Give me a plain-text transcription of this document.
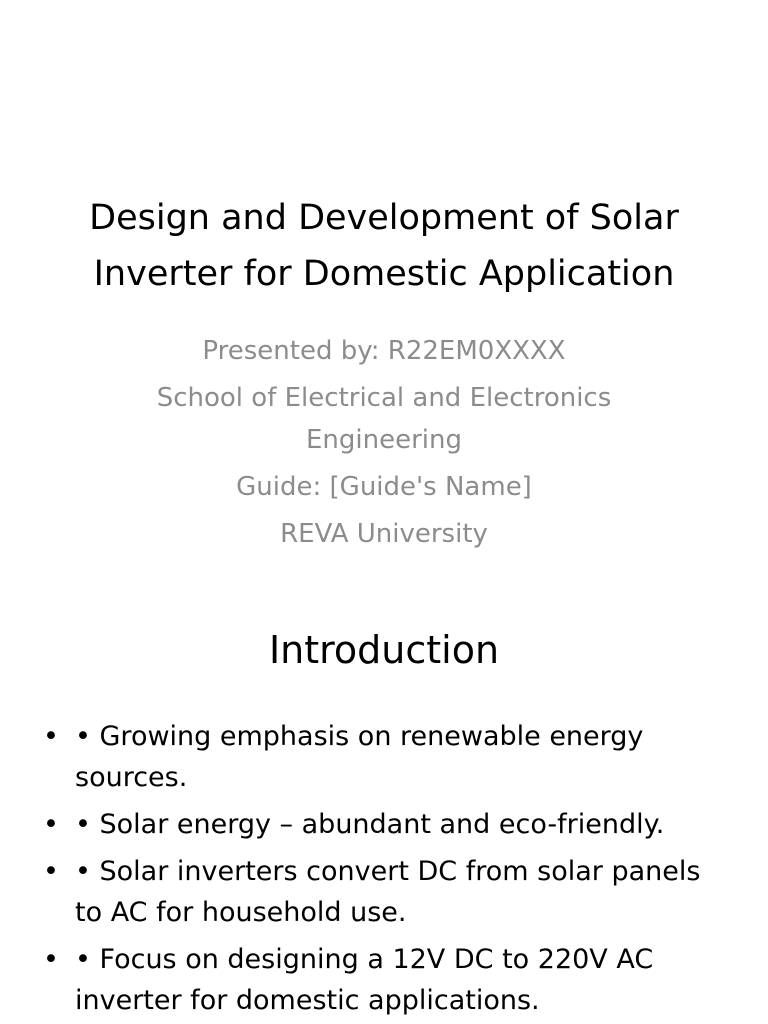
Design and Development of Solar
Inverter for Domestic Application
Presented by: R22EM0XXXX
School of Electrical and Electronics Engineering
Guide: [Guide's Name]
REVA University
Introduction
• • Growing emphasis on renewable energy sources.
• • Solar energy – abundant and eco-friendly.
• • Solar inverters convert DC from solar panels to AC for household use.
• • Focus on designing a 12V DC to 220V AC inverter for domestic applications.
